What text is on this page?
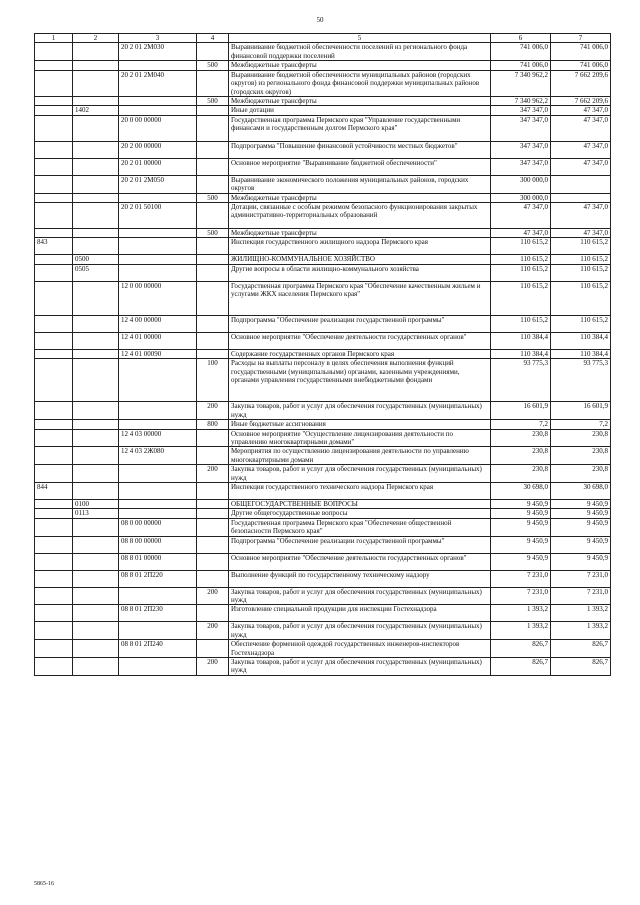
50
1	2	3	4	5	6	7
		20 2 01 2М030		Выравнивание бюджетной обеспеченности поселений из регионального фонда финансовой поддержки поселений	741 006,0	741 006,0
			500	Межбюджетные трансферты	741 006,0	741 006,0
		20 2 01 2М040		Выравнивание бюджетной обеспеченности муниципальных районов (городских округов) из регионального фонда финансовой поддержки муниципальных районов (городских округов)	7 340 962,2	7 662 209,6
			500	Межбюджетные трансферты	7 340 962,2	7 662 209,6
	1402			Иные дотации	347 347,0	47 347,0
		20 0 00 00000		Государственная программа Пермского края "Управление государственными финансами и государственным долгом Пермского края"	347 347,0	47 347,0
		20 2 00 00000		Подпрограмма "Повышение финансовой устойчивости местных бюджетов"	347 347,0	47 347,0
		20 2 01 00000		Основное мероприятие "Выравнивание бюджетной обеспеченности"	347 347,0	47 347,0
		20 2 01 2М050		Выравнивание экономического положения муниципальных районов, городских округов	300 000,0	
			500	Межбюджетные трансферты	300 000,0	
		20 2 01 50100		Дотации, связанные с особым режимом безопасного функционирования закрытых административно-территориальных образований	47 347,0	47 347,0
			500	Межбюджетные трансферты	47 347,0	47 347,0
843				Инспекция государственного жилищного надзора Пермского края	110 615,2	110 615,2
	0500			ЖИЛИЩНО-КОММУНАЛЬНОЕ ХОЗЯЙСТВО	110 615,2	110 615,2
	0505			Другие вопросы в области жилищно-коммунального хозяйства	110 615,2	110 615,2
		12 0 00 00000		Государственная программа Пермского края "Обеспечение качественным жильем и услугами ЖКХ населения Пермского края"	110 615,2	110 615,2
		12 4 00 00000		Подпрограмма "Обеспечение реализации государственной программы"	110 615,2	110 615,2
		12 4 01 00000		Основное мероприятие "Обеспечение деятельности государственных органов"	110 384,4	110 384,4
		12 4 01 00090		Содержание государственных органов Пермского края	110 384,4	110 384,4
			100	Расходы на выплаты персоналу в целях обеспечения выполнения функций государственными (муниципальными) органами, казенными учреждениями, органами управления государственными внебюджетными фондами	93 775,3	93 775,3
			200	Закупка товаров, работ и услуг для обеспечения государственных (муниципальных) нужд	16 601,9	16 601,9
			800	Иные бюджетные ассигнования	7,2	7,2
		12 4 03 00000		Основное мероприятие "Осуществление лицензирования деятельности по управлению многоквартирными домами"	230,8	230,8
		12 4 03 2Ж080		Мероприятия по осуществлению лицензирования деятельности по управлению многоквартирными домами	230,8	230,8
			200	Закупка товаров, работ и услуг для обеспечения государственных (муниципальных) нужд	230,8	230,8
844				Инспекция государственного технического надзора Пермского края	30 698,0	30 698,0
	0100			ОБЩЕГОСУДАРСТВЕННЫЕ ВОПРОСЫ	9 450,9	9 450,9
	0113			Другие общегосударственные вопросы	9 450,9	9 450,9
		08 0 00 00000		Государственная программа Пермского края "Обеспечение общественной безопасности Пермского края"	9 450,9	9 450,9
		08 8 00 00000		Подпрограмма "Обеспечение реализации государственной программы"	9 450,9	9 450,9
		08 8 01 00000		Основное мероприятие "Обеспечение деятельности государственных органов"	9 450,9	9 450,9
		08 8 01 2П220		Выполнение функций по государственному техническому надзору	7 231,0	7 231,0
			200	Закупка товаров, работ и услуг для обеспечения государственных (муниципальных) нужд	7 231,0	7 231,0
		08 8 01 2П230		Изготовление специальной продукции для инспекции Гостехнадзора	1 393,2	1 393,2
			200	Закупка товаров, работ и услуг для обеспечения государственных (муниципальных) нужд	1 393,2	1 393,2
		08 8 01 2П240		Обеспечение форменной одеждой государственных инженеров-инспекторов Гостехнадзора	826,7	826,7
			200	Закупка товаров, работ и услуг для обеспечения государственных (муниципальных) нужд	826,7	826,7
5865-16
